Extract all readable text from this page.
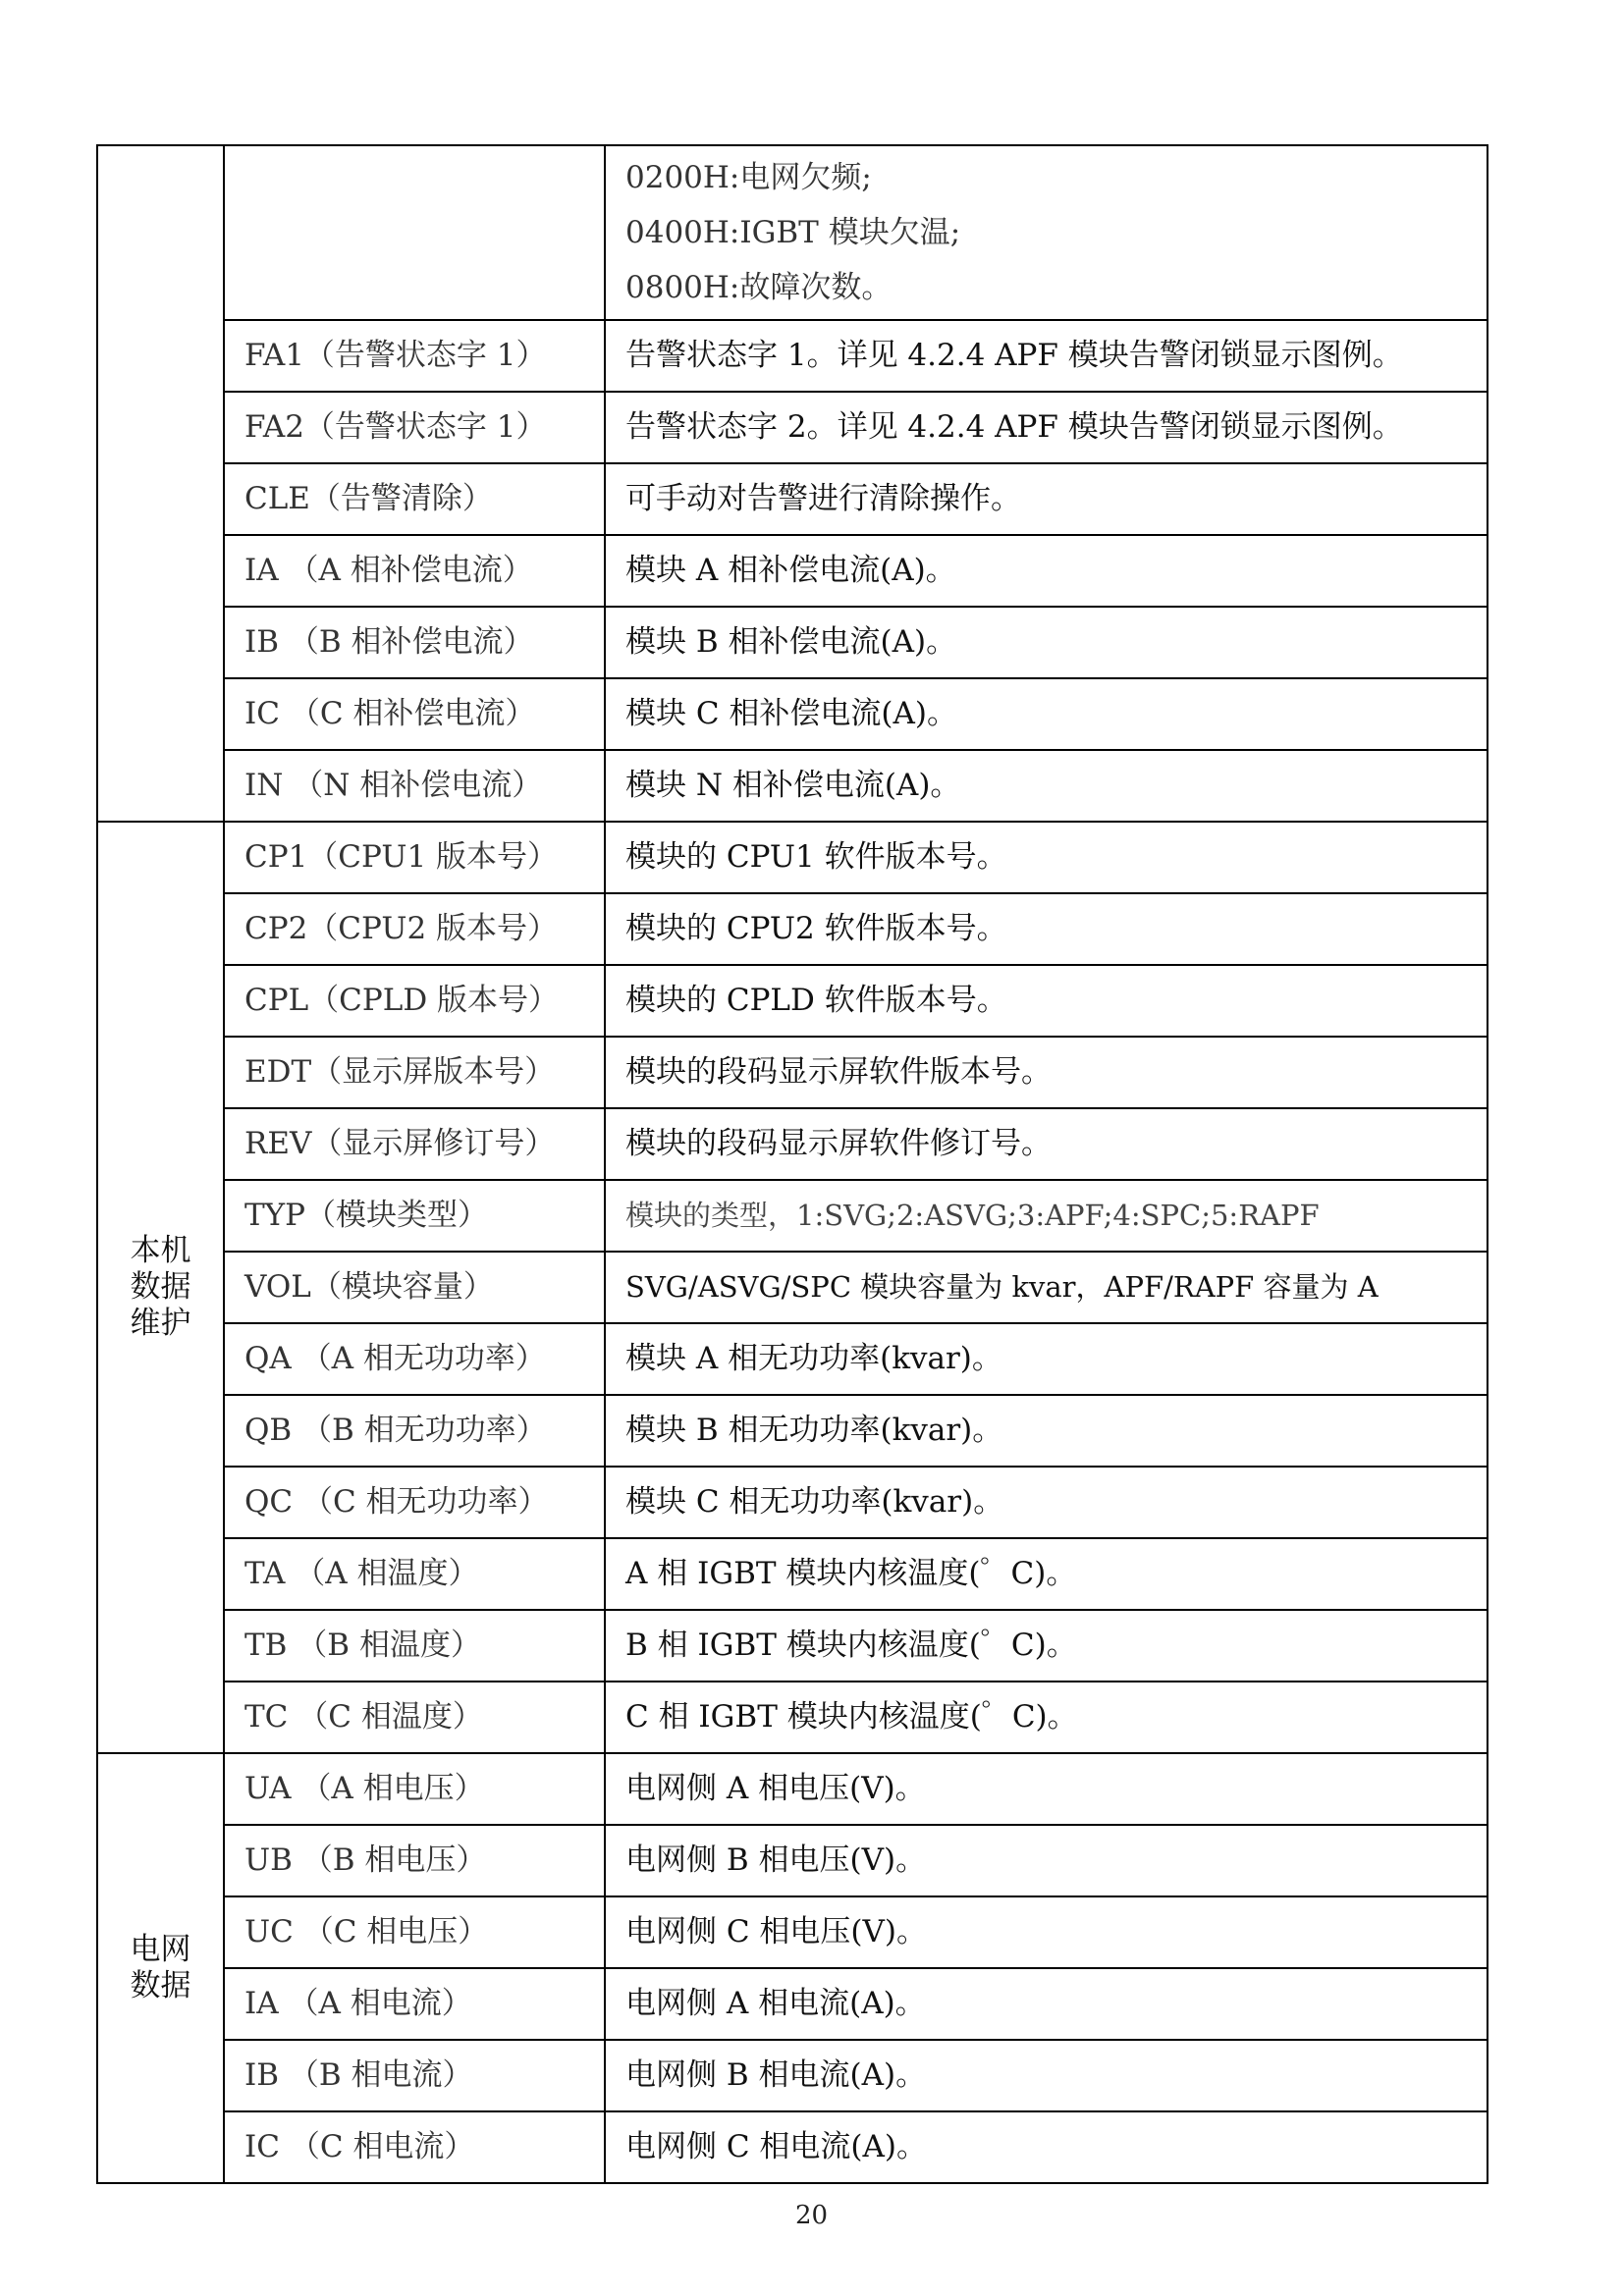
		0200H:电网欠频;
0400H:IGBT 模块欠温;
0800H:故障次数。

	FA1（告警状态字 1）	告警状态字 1。详见 4.2.4 APF 模块告警闭锁显示图例。
	FA2（告警状态字 1）	告警状态字 2。详见 4.2.4 APF 模块告警闭锁显示图例。
	CLE（告警清除）	可手动对告警进行清除操作。
	IA （A 相补偿电流）	模块 A 相补偿电流(A)。
	IB （B 相补偿电流）	模块 B 相补偿电流(A)。
	IC （C 相补偿电流）	模块 C 相补偿电流(A)。
	IN （N 相补偿电流）	模块 N 相补偿电流(A)。

本机
数据
维护	CP1（CPU1 版本号）	模块的 CPU1 软件版本号。
	CP2（CPU2 版本号）	模块的 CPU2 软件版本号。
	CPL（CPLD 版本号）	模块的 CPLD 软件版本号。
	EDT（显示屏版本号）	模块的段码显示屏软件版本号。
	REV（显示屏修订号）	模块的段码显示屏软件修订号。
	TYP（模块类型）	模块的类型，1:SVG;2:ASVG;3:APF;4:SPC;5:RAPF
	VOL（模块容量）	SVG/ASVG/SPC 模块容量为 kvar，APF/RAPF 容量为 A
	QA （A 相无功功率）	模块 A 相无功功率(kvar)。
	QB （B 相无功功率）	模块 B 相无功功率(kvar)。
	QC （C 相无功功率）	模块 C 相无功功率(kvar)。
	TA （A 相温度）	A 相 IGBT 模块内核温度(゜C)。
	TB （B 相温度）	B 相 IGBT 模块内核温度(゜C)。
	TC （C 相温度）	C 相 IGBT 模块内核温度(゜C)。

电网
数据	UA （A 相电压）	电网侧 A 相电压(V)。
	UB （B 相电压）	电网侧 B 相电压(V)。
	UC （C 相电压）	电网侧 C 相电压(V)。
	IA （A 相电流）	电网侧 A 相电流(A)。
	IB （B 相电流）	电网侧 B 相电流(A)。
	IC （C 相电流）	电网侧 C 相电流(A)。
20
